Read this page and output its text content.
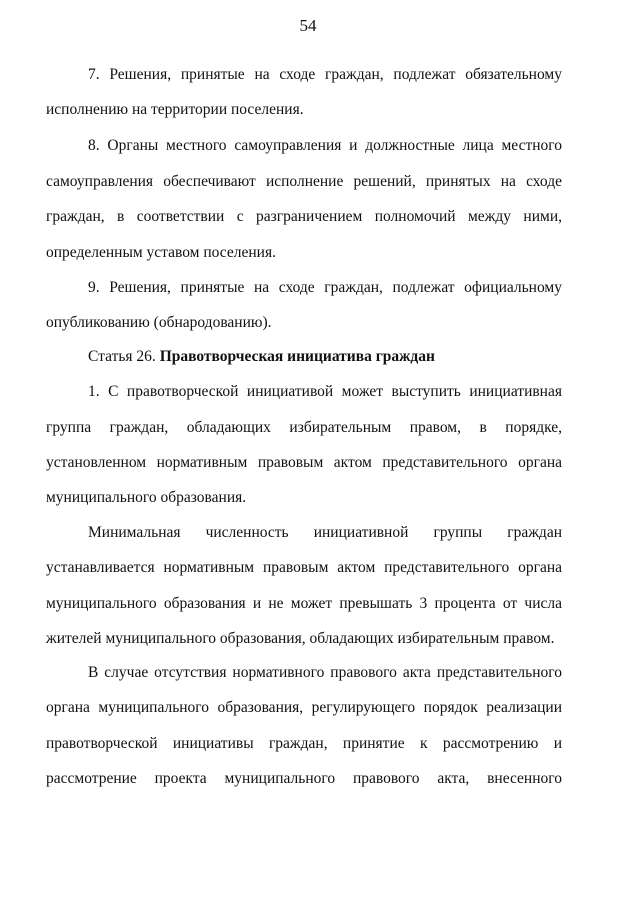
54
7. Решения, принятые на сходе граждан, подлежат обязательному
исполнению на территории поселения.
8. Органы местного самоуправления и должностные лица местного
самоуправления обеспечивают исполнение решений, принятых на сходе
граждан, в соответствии с разграничением полномочий между ними,
определенным уставом поселения.
9. Решения, принятые на сходе граждан, подлежат официальному
опубликованию (обнародованию).
Статья 26. Правотворческая инициатива граждан
1. С правотворческой инициативой может выступить инициативная
группа граждан, обладающих избирательным правом, в порядке,
установленном нормативным правовым актом представительного органа
муниципального образования.
Минимальная численность инициативной группы граждан
устанавливается нормативным правовым актом представительного органа
муниципального образования и не может превышать 3 процента от числа
жителей муниципального образования, обладающих избирательным правом.
В случае отсутствия нормативного правового акта представительного
органа муниципального образования, регулирующего порядок реализации
правотворческой инициативы граждан, принятие к рассмотрению и
рассмотрение проекта муниципального правового акта, внесенного
